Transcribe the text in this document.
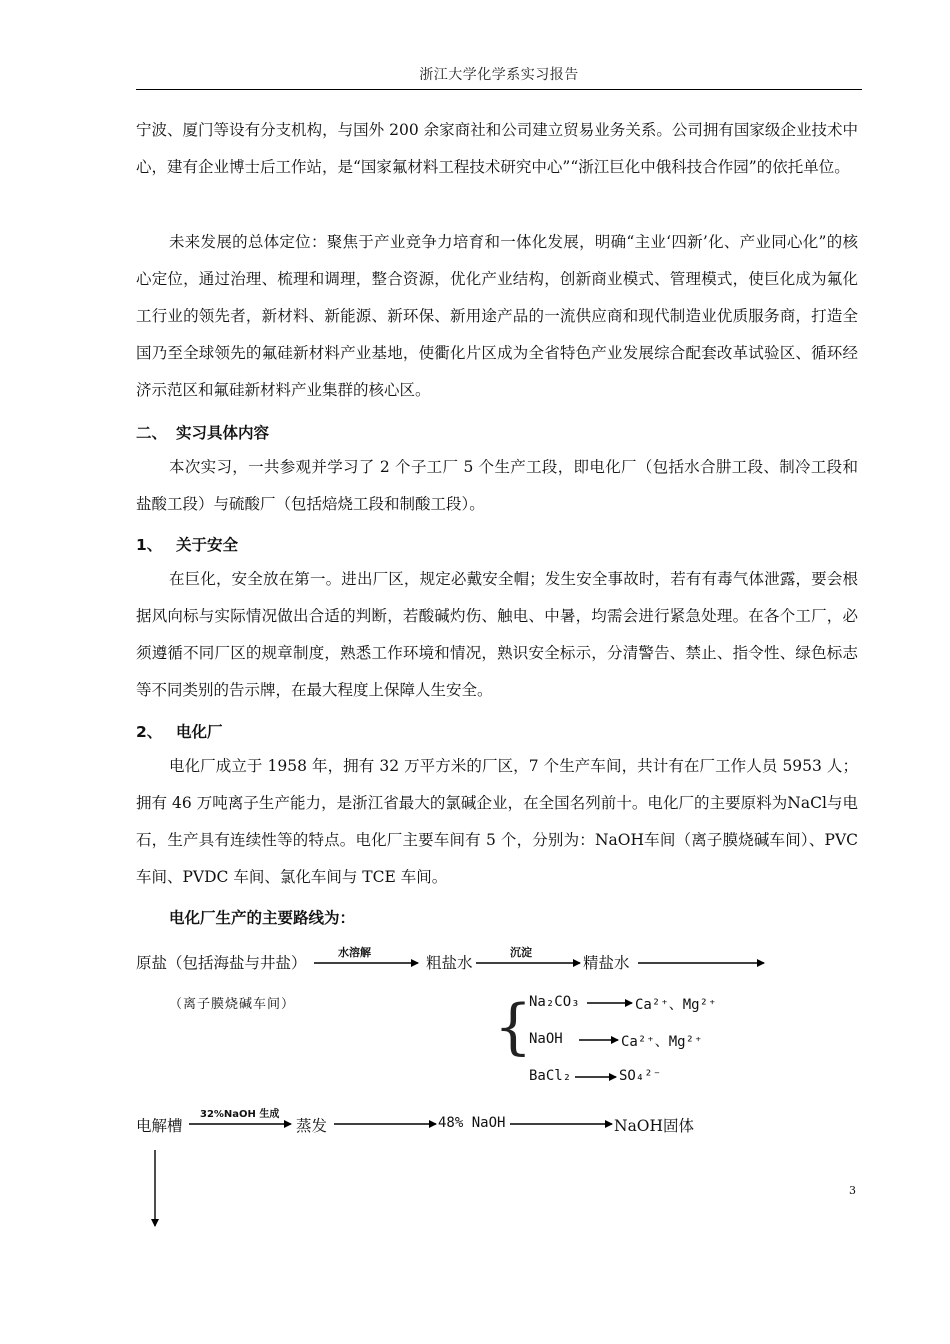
浙江大学化学系实习报告
宁波、厦门等设有分支机构，与国外 200 余家商社和公司建立贸易业务关系。公司拥有国家级企业技术中心，建有企业博士后工作站，是“国家氟材料工程技术研究中心”“浙江巨化中俄科技合作园”的依托单位。
未来发展的总体定位：聚焦于产业竞争力培育和一体化发展，明确“主业‘四新’化、产业同心化”的核心定位，通过治理、梳理和调理，整合资源，优化产业结构，创新商业模式、管理模式，使巨化成为氟化工行业的领先者，新材料、新能源、新环保、新用途产品的一流供应商和现代制造业优质服务商，打造全国乃至全球领先的氟硅新材料产业基地，使衢化片区成为全省特色产业发展综合配套改革试验区、循环经济示范区和氟硅新材料产业集群的核心区。
二、 实习具体内容
本次实习，一共参观并学习了 2 个子工厂 5 个生产工段，即电化厂（包括水合肼工段、制冷工段和盐酸工段）与硫酸厂（包括焙烧工段和制酸工段）。
1、 关于安全
在巨化，安全放在第一。进出厂区，规定必戴安全帽；发生安全事故时，若有有毒气体泄露，要会根据风向标与实际情况做出合适的判断，若酸碱灼伤、触电、中暑，均需会进行紧急处理。在各个工厂，必须遵循不同厂区的规章制度，熟悉工作环境和情况，熟识安全标示，分清警告、禁止、指令性、绿色标志等不同类别的告示牌，在最大程度上保障人生安全。
2、 电化厂
电化厂成立于 1958 年，拥有 32 万平方米的厂区，7 个生产车间，共计有在厂工作人员 5953 人；拥有 46 万吨离子生产能力，是浙江省最大的氯碱企业，在全国名列前十。电化厂的主要原料为NaCl与电石，生产具有连续性等的特点。电化厂主要车间有 5 个，分别为：NaOH车间（离子膜烧碱车间）、PVC 车间、PVDC 车间、氯化车间与 TCE 车间。
电化厂生产的主要路线为：
原盐（包括海盐与井盐）
水溶解
粗盐水
沉淀
精盐水
（离子膜烧碱车间）	{
Na₂CO₃	Ca²⁺、Mg²⁺
NaOH	Ca²⁺、Mg²⁺
BaCl₂	SO₄²⁻
电解槽
32%NaOH 生成
蒸发	48% NaOH	NaOH固体
3
